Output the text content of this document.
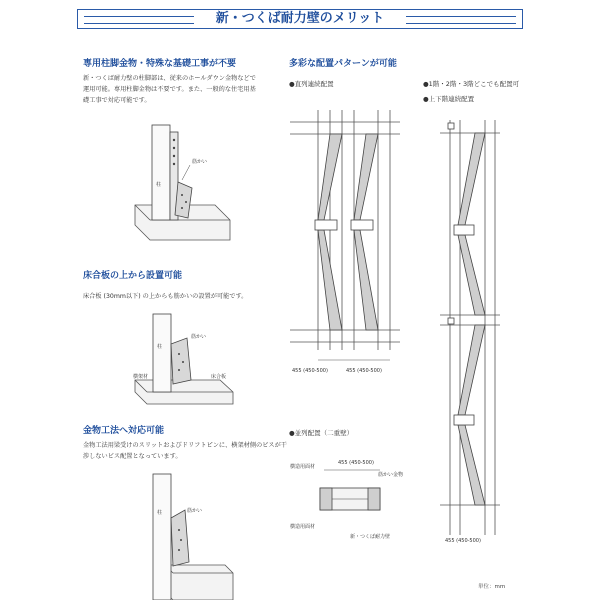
新・つくば耐力壁のメリット
専用柱脚金物・特殊な基礎工事が不要
新・つくば耐力壁の柱脚部は、従来のホールダウン金物などで運用可能。専用柱脚金物は不要です。また、一般的な住宅用基礎工事で対応可能です。
柱
筋かい
床合板の上から設置可能
床合板 (30mm以下) の上からも筋かいの設置が可能です。
柱
筋かい
横架材	床合板
金物工法へ対応可能
金物工法用梁受けのスリットおよびドリフトピンに、横架材側のビスが干渉しないビス配置となっています。
柱	筋かい
多彩な配置パターンが可能
●直列連続配置	●1階・2階・3階どこでも配置可
●上下階連続配置
455 (450-500)	455 (450-500)
455 (450-500)
●並列配置（二重壁）
横造用面材
455 (450-500)
筋かい金物
横造用面材
新・つくば耐力壁
単位：mm
